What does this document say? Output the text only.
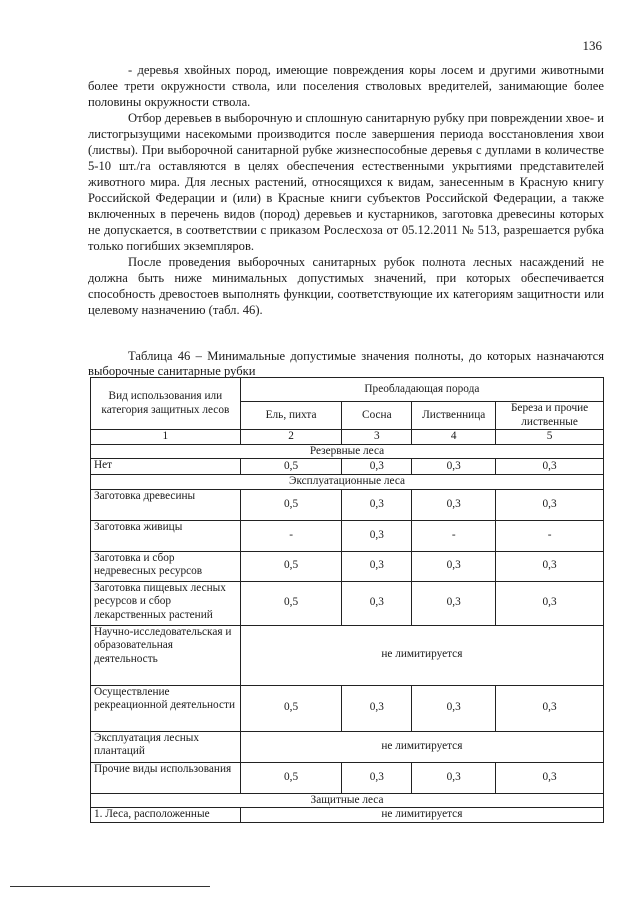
136

- деревья хвойных пород, имеющие повреждения коры лосем и другими животными более трети окружности ствола, или поселения стволовых вредителей, занимающие более половины окружности ствола.

Отбор деревьев в выборочную и сплошную санитарную рубку при повреждении хвое- и листогрызущими насекомыми производится после завершения периода восстановления хвои (листвы). При выборочной санитарной рубке жизнеспособные деревья с дуплами в количестве 5-10 шт./га оставляются в целях обеспечения естественными укрытиями представителей животного мира. Для лесных растений, относящихся к видам, занесенным в Красную книгу Российской Федерации и (или) в Красные книги субъектов Российской Федерации, а также включенных в перечень видов (пород) деревьев и кустарников, заготовка древесины которых не допускается, в соответствии с приказом Рослесхоза от 05.12.2011 № 513, разрешается рубка только погибших экземпляров.

После проведения выборочных санитарных рубок полнота лесных насаждений не должна быть ниже минимальных допустимых значений, при которых обеспечивается способность древостоев выполнять функции, соответствующие их категориям защитности или целевому назначению (табл. 46).

Таблица 46 – Минимальные допустимые значения полноты, до которых назначаются выборочные санитарные рубки
Вид использования или категория защитных лесов	Преобладающая порода			
	Ель, пихта	Сосна	Лиственница	Береза и прочие лиственные
1	2	3	4	5
Резервные леса				
Нет	0,5	0,3	0,3	0,3
Эксплуатационные леса				
Заготовка древесины	0,5	0,3	0,3	0,3
Заготовка живицы	-	0,3	-	-
Заготовка и сбор недревесных ресурсов	0,5	0,3	0,3	0,3
Заготовка пищевых лесных ресурсов и сбор лекарственных растений	0,5	0,3	0,3	0,3
Научно-исследовательская и образовательная деятельность	не лимитируется			
Осуществление рекреационной деятельности	0,5	0,3	0,3	0,3
Эксплуатация лесных плантаций	не лимитируется			
Прочие виды использования	0,5	0,3	0,3	0,3
Защитные леса				
1. Леса, расположенные	не лимитируется			
